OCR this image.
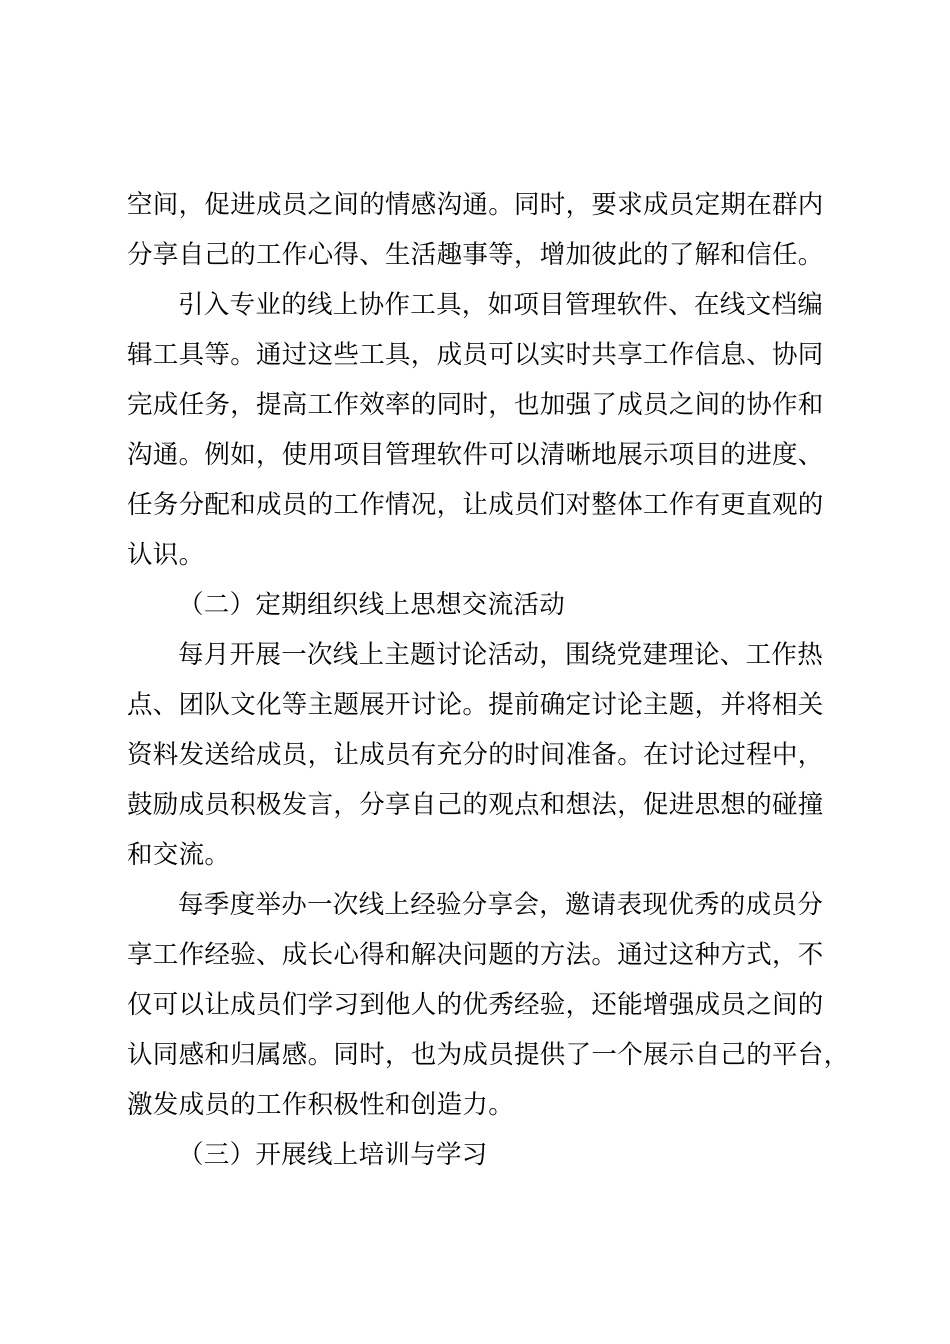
空间，促进成员之间的情感沟通。同时，要求成员定期在群内
分享自己的工作心得、生活趣事等，增加彼此的了解和信任。
引入专业的线上协作工具，如项目管理软件、在线文档编
辑工具等。通过这些工具，成员可以实时共享工作信息、协同
完成任务，提高工作效率的同时，也加强了成员之间的协作和
沟通。例如，使用项目管理软件可以清晰地展示项目的进度、
任务分配和成员的工作情况，让成员们对整体工作有更直观的
认识。
（二）定期组织线上思想交流活动
每月开展一次线上主题讨论活动，围绕党建理论、工作热
点、团队文化等主题展开讨论。提前确定讨论主题，并将相关
资料发送给成员，让成员有充分的时间准备。在讨论过程中，
鼓励成员积极发言，分享自己的观点和想法，促进思想的碰撞
和交流。
每季度举办一次线上经验分享会，邀请表现优秀的成员分
享工作经验、成长心得和解决问题的方法。通过这种方式，不
仅可以让成员们学习到他人的优秀经验，还能增强成员之间的
认同感和归属感。同时，也为成员提供了一个展示自己的平台，
激发成员的工作积极性和创造力。
（三）开展线上培训与学习
